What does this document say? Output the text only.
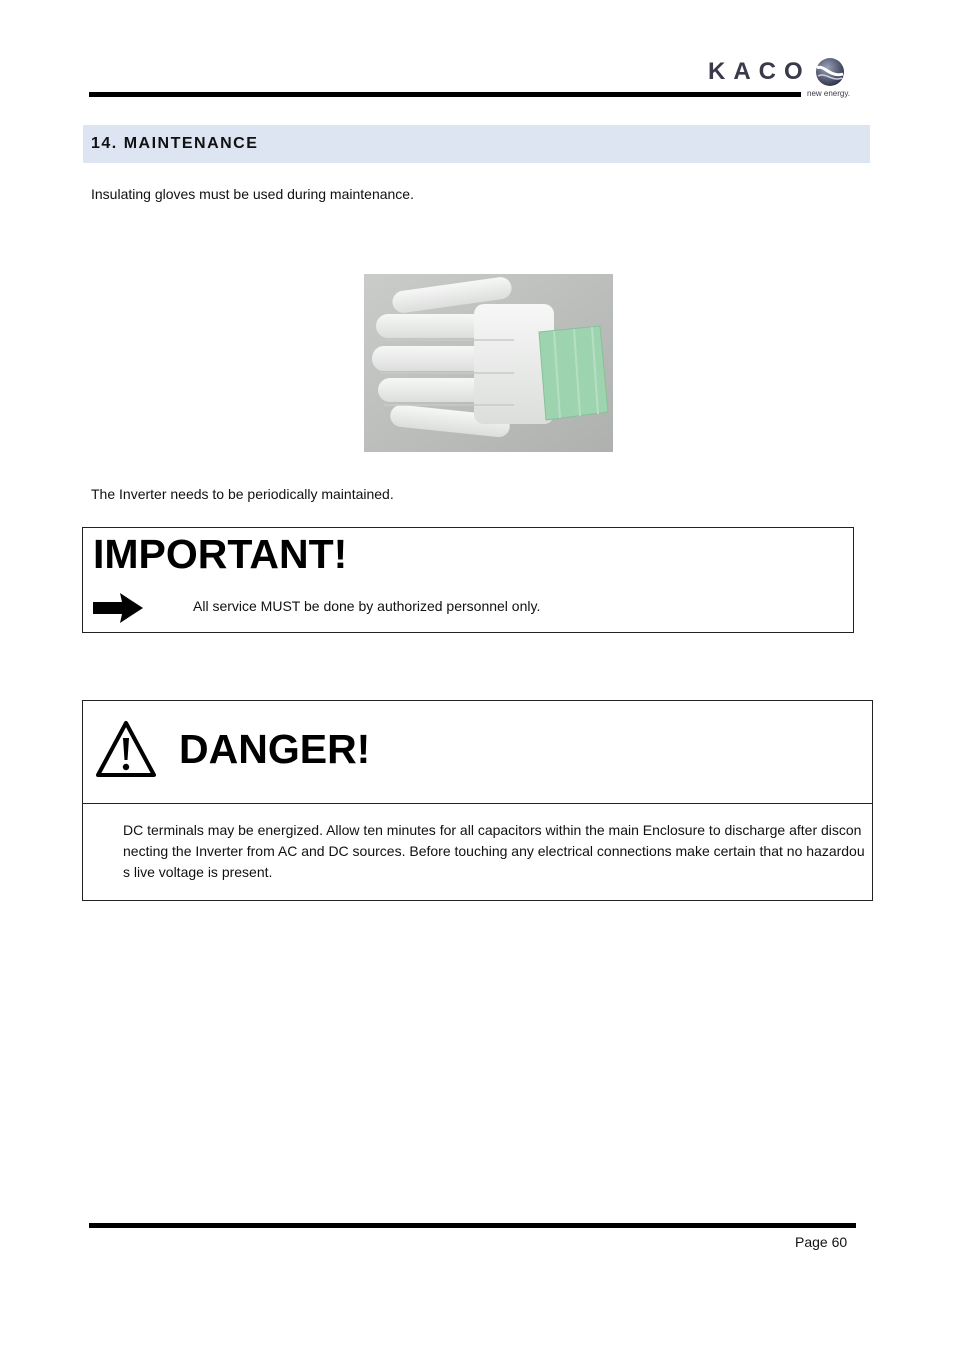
KACO
new energy.
14. MAINTENANCE
Insulating gloves must be used during maintenance.
The Inverter needs to be periodically maintained.
IMPORTANT!
All service MUST be done by authorized personnel only.
DANGER!
DC terminals may be energized. Allow ten minutes for all capacitors within the main Enclosure to discharge after disconnecting the Inverter from AC and DC sources. Before touching any electrical connections make certain that no hazardous live voltage is present.
Page 60
